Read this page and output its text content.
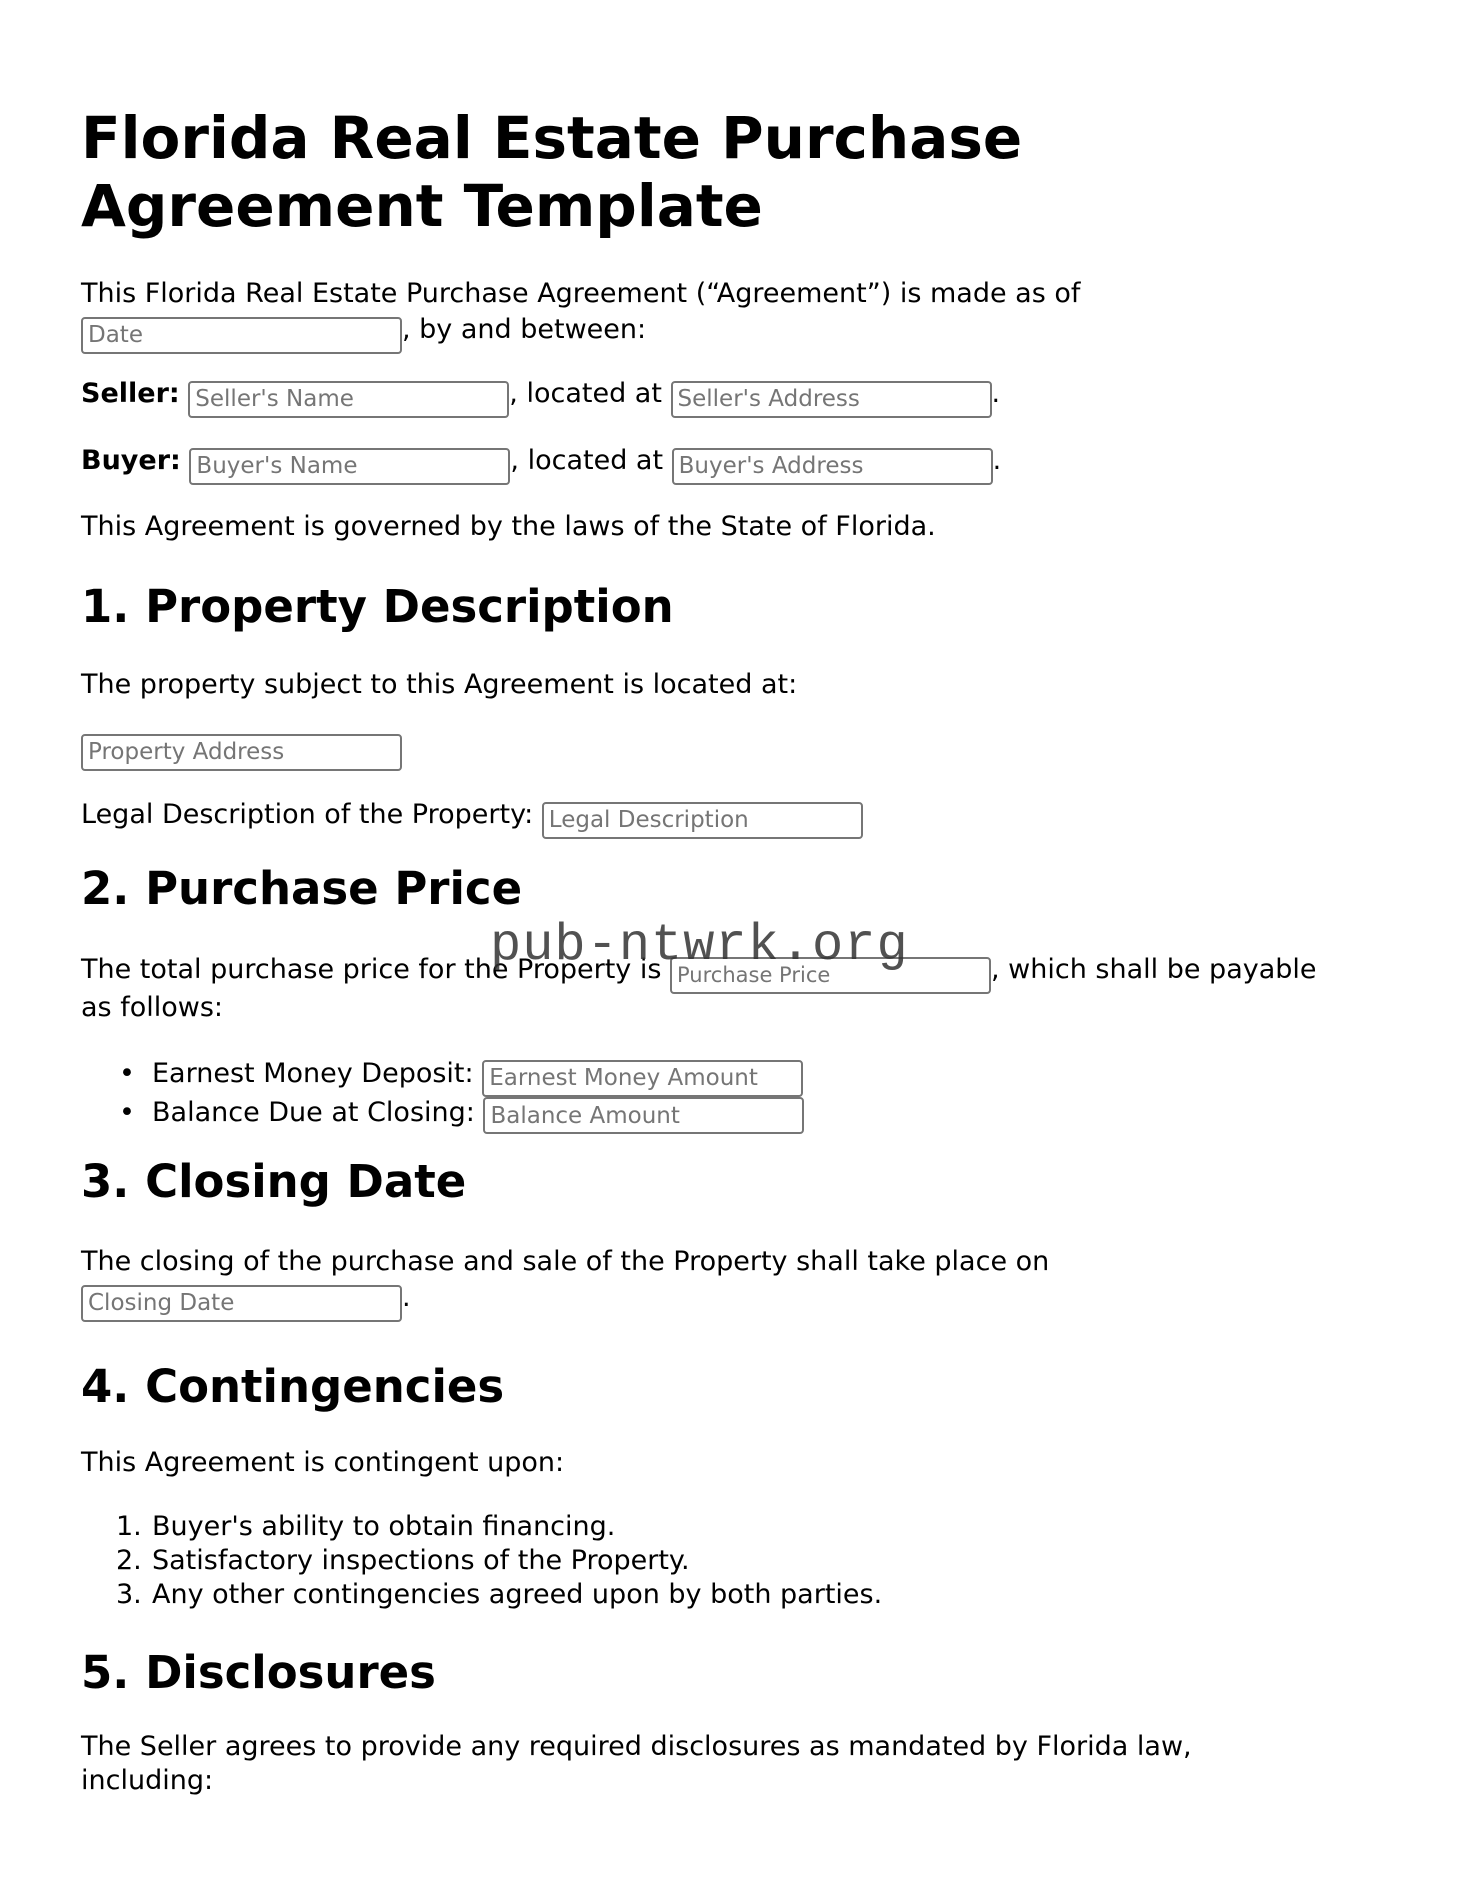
Florida Real Estate Purchase
Agreement Template
This Florida Real Estate Purchase Agreement (“Agreement”) is made as of
Date, by and between:
Seller: Seller's Name	, located at Seller's Address	.
Buyer: Buyer's Name	, located at Buyer's Address	.
This Agreement is governed by the laws of the State of Florida.
1. Property Description
The property subject to this Agreement is located at:
Property Address
Legal Description of the Property: Legal Description
2. Purchase Price
The total purchase price for the Property is Purchase Price	, which shall be payable
as follows:
• Earnest Money Deposit: Earnest Money Amount
• Balance Due at Closing: Balance Amount
3. Closing Date
The closing of the purchase and sale of the Property shall take place on
Closing Date.
4. Contingencies
This Agreement is contingent upon:
1. Buyer's ability to obtain financing.
2. Satisfactory inspections of the Property.
3. Any other contingencies agreed upon by both parties.
5. Disclosures
The Seller agrees to provide any required disclosures as mandated by Florida law,
including:
pub-ntwrk.org
